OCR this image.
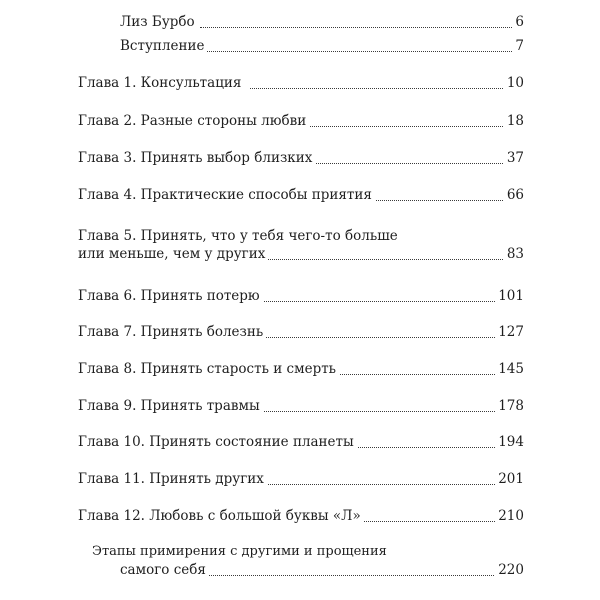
Лиз Бурбо	6
Вступление	7
Глава 1. Консультация	10
Глава 2. Разные стороны любви	18
Глава 3. Принять выбор близких	37
Глава 4. Практические способы приятия	66
Глава 5. Принять, что у тебя чего-то больше
или меньше, чем у других	83
Глава 6. Принять потерю	101
Глава 7. Принять болезнь	127
Глава 8. Принять старость и смерть	145
Глава 9. Принять травмы	178
Глава 10. Принять состояние планеты	194
Глава 11. Принять других	201
Глава 12. Любовь с большой буквы «Л»	210
Этапы примирения с другими и прощения
самого себя	220
